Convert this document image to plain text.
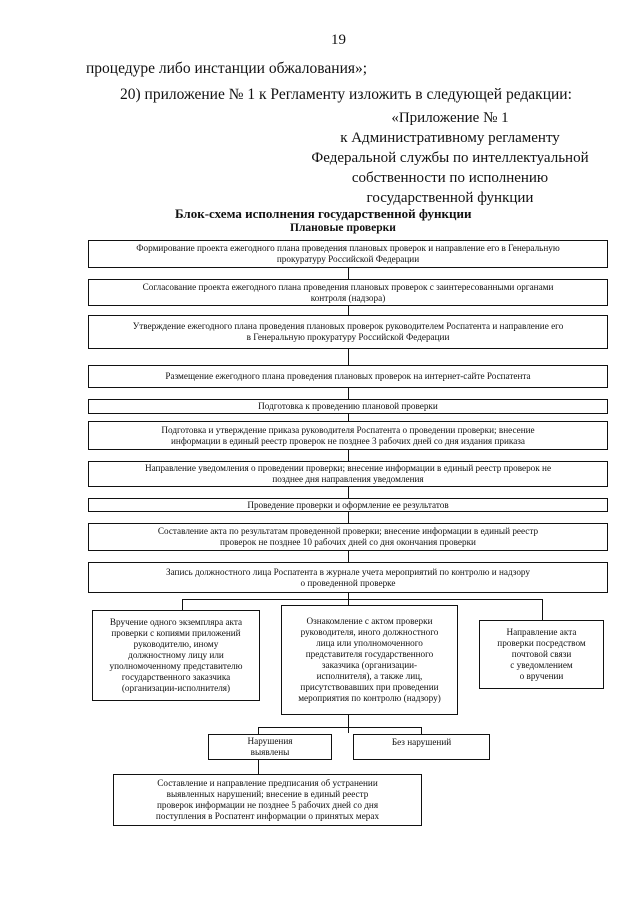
19
процедуре либо инстанции обжалования»;
20) приложение № 1 к Регламенту изложить в следующей редакции:
«Приложение № 1
к Административному регламенту
Федеральной службы по интеллектуальной
собственности по исполнению
государственной функции
Блок-схема исполнения государственной функции
Плановые проверки
Формирование проекта ежегодного плана проведения плановых проверок и направление его в Генеральную
прокуратуру Российской Федерации
Согласование проекта ежегодного плана проведения плановых проверок с заинтересованными органами
контроля (надзора)
Утверждение ежегодного плана проведения плановых проверок руководителем Роспатента и направление его
в Генеральную прокуратуру Российской Федерации
Размещение ежегодного плана проведения плановых проверок на интернет-сайте Роспатента
Подготовка к проведению плановой проверки
Подготовка и утверждение приказа руководителя Роспатента о проведении проверки; внесение
информации в единый реестр проверок не позднее 3 рабочих дней со дня издания приказа
Направление уведомления о проведении проверки; внесение информации в единый реестр проверок не
позднее дня направления уведомления
Проведение проверки и оформление ее результатов
Составление акта по результатам проведенной проверки; внесение информации в единый реестр
проверок не позднее 10 рабочих дней со дня окончания проверки
Запись должностного лица Роспатента в журнале учета мероприятий по контролю и надзору
о проведенной проверке
Вручение одного экземпляра акта
проверки с копиями приложений
руководителю, иному
должностному лицу или
уполномоченному представителю
государственного заказчика
(организации-исполнителя)
Ознакомление с актом проверки
руководителя, иного должностного
лица или уполномоченного
представителя государственного
заказчика (организации-
исполнителя), а также лиц,
присутствовавших при проведении
мероприятия по контролю (надзору)
Направление акта
проверки посредством
почтовой связи
с уведомлением
о вручении
Нарушения
выявлены
Без нарушений
Составление и направление предписания об устранении
выявленных нарушений; внесение в единый реестр
проверок информации не позднее 5 рабочих дней со дня
поступления в Роспатент информации о принятых мерах
